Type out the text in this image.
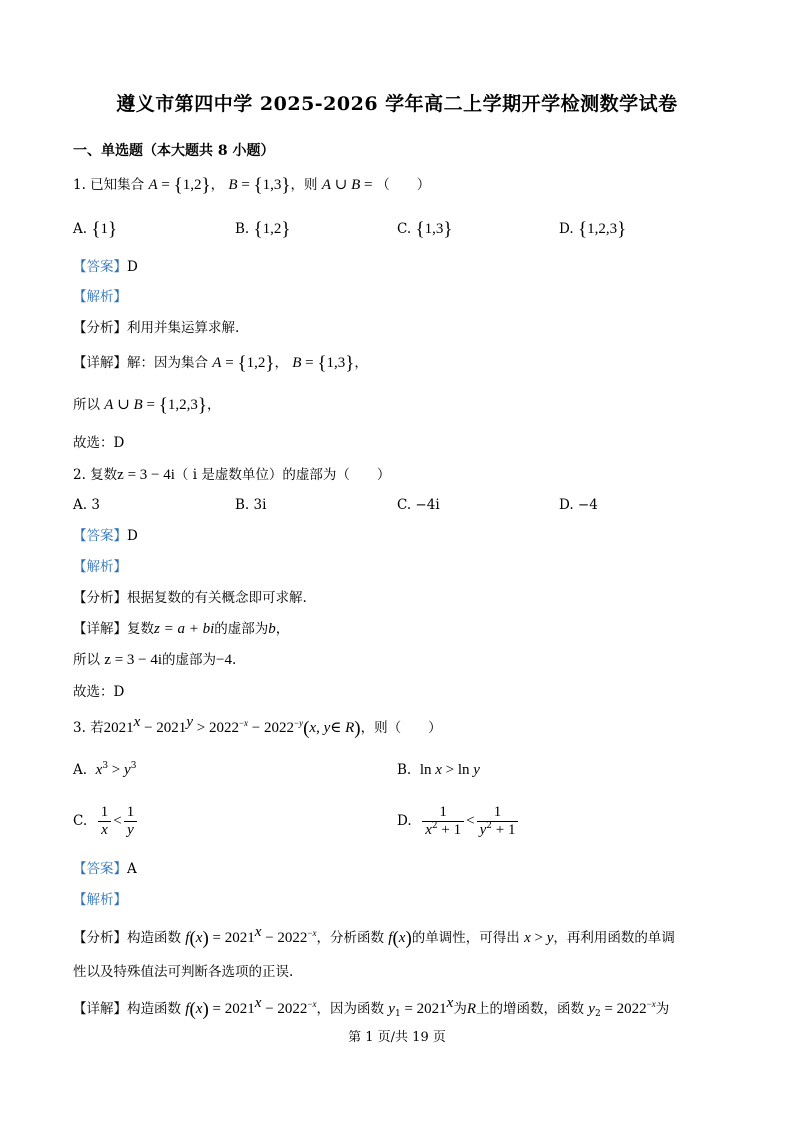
遵义市第四中学 2025-2026 学年高二上学期开学检测数学试卷
一、单选题（本大题共 8 小题）
1. 已知集合 A = {1,2}， B = {1,3}，则 A ∪ B = （　　）
A. {1}	B. {1,2}	C. {1,3}	D. {1,2,3}
【答案】D
【解析】
【分析】利用并集运算求解.
【详解】解：因为集合 A = {1,2}， B = {1,3}，
所以 A ∪ B = {1,2,3}，
故选：D
2. 复数z = 3 − 4i（ i 是虚数单位）的虚部为（　　）
A. 3	B. 3i	C. −4i	D. −4
【答案】D
【解析】
【分析】根据复数的有关概念即可求解.
【详解】复数z = a + bi的虚部为b，
所以 z = 3 − 4i的虚部为−4.
故选：D
3. 若$2021^x - 2021^y > 2022^{-x} - 2022^{-y}(x$, y∈ R)，则（　　）
A. $x^3 > y^3$	B. ln x > ln y
C. $\frac{1}{x} < \frac{1}{y}$	D. $\frac{1}{x^2 + 1} < \frac{1}{y^2 + 1}$
【答案】A
【解析】
【分析】构造函数 $f(x) = 2021^x - 2022^{-x}$，分析函数 f(x)的单调性，可得出 x > y，再利用函数的单调
性以及特殊值法可判断各选项的正误.
【详解】构造函数 $f(x) = 2021^x - 2022^{-x}$，因为函数 $y_1 = 2021^x$为R上的增函数，函数 $y_2 = 2022^{-x}$为
第 1 页/共 19 页
